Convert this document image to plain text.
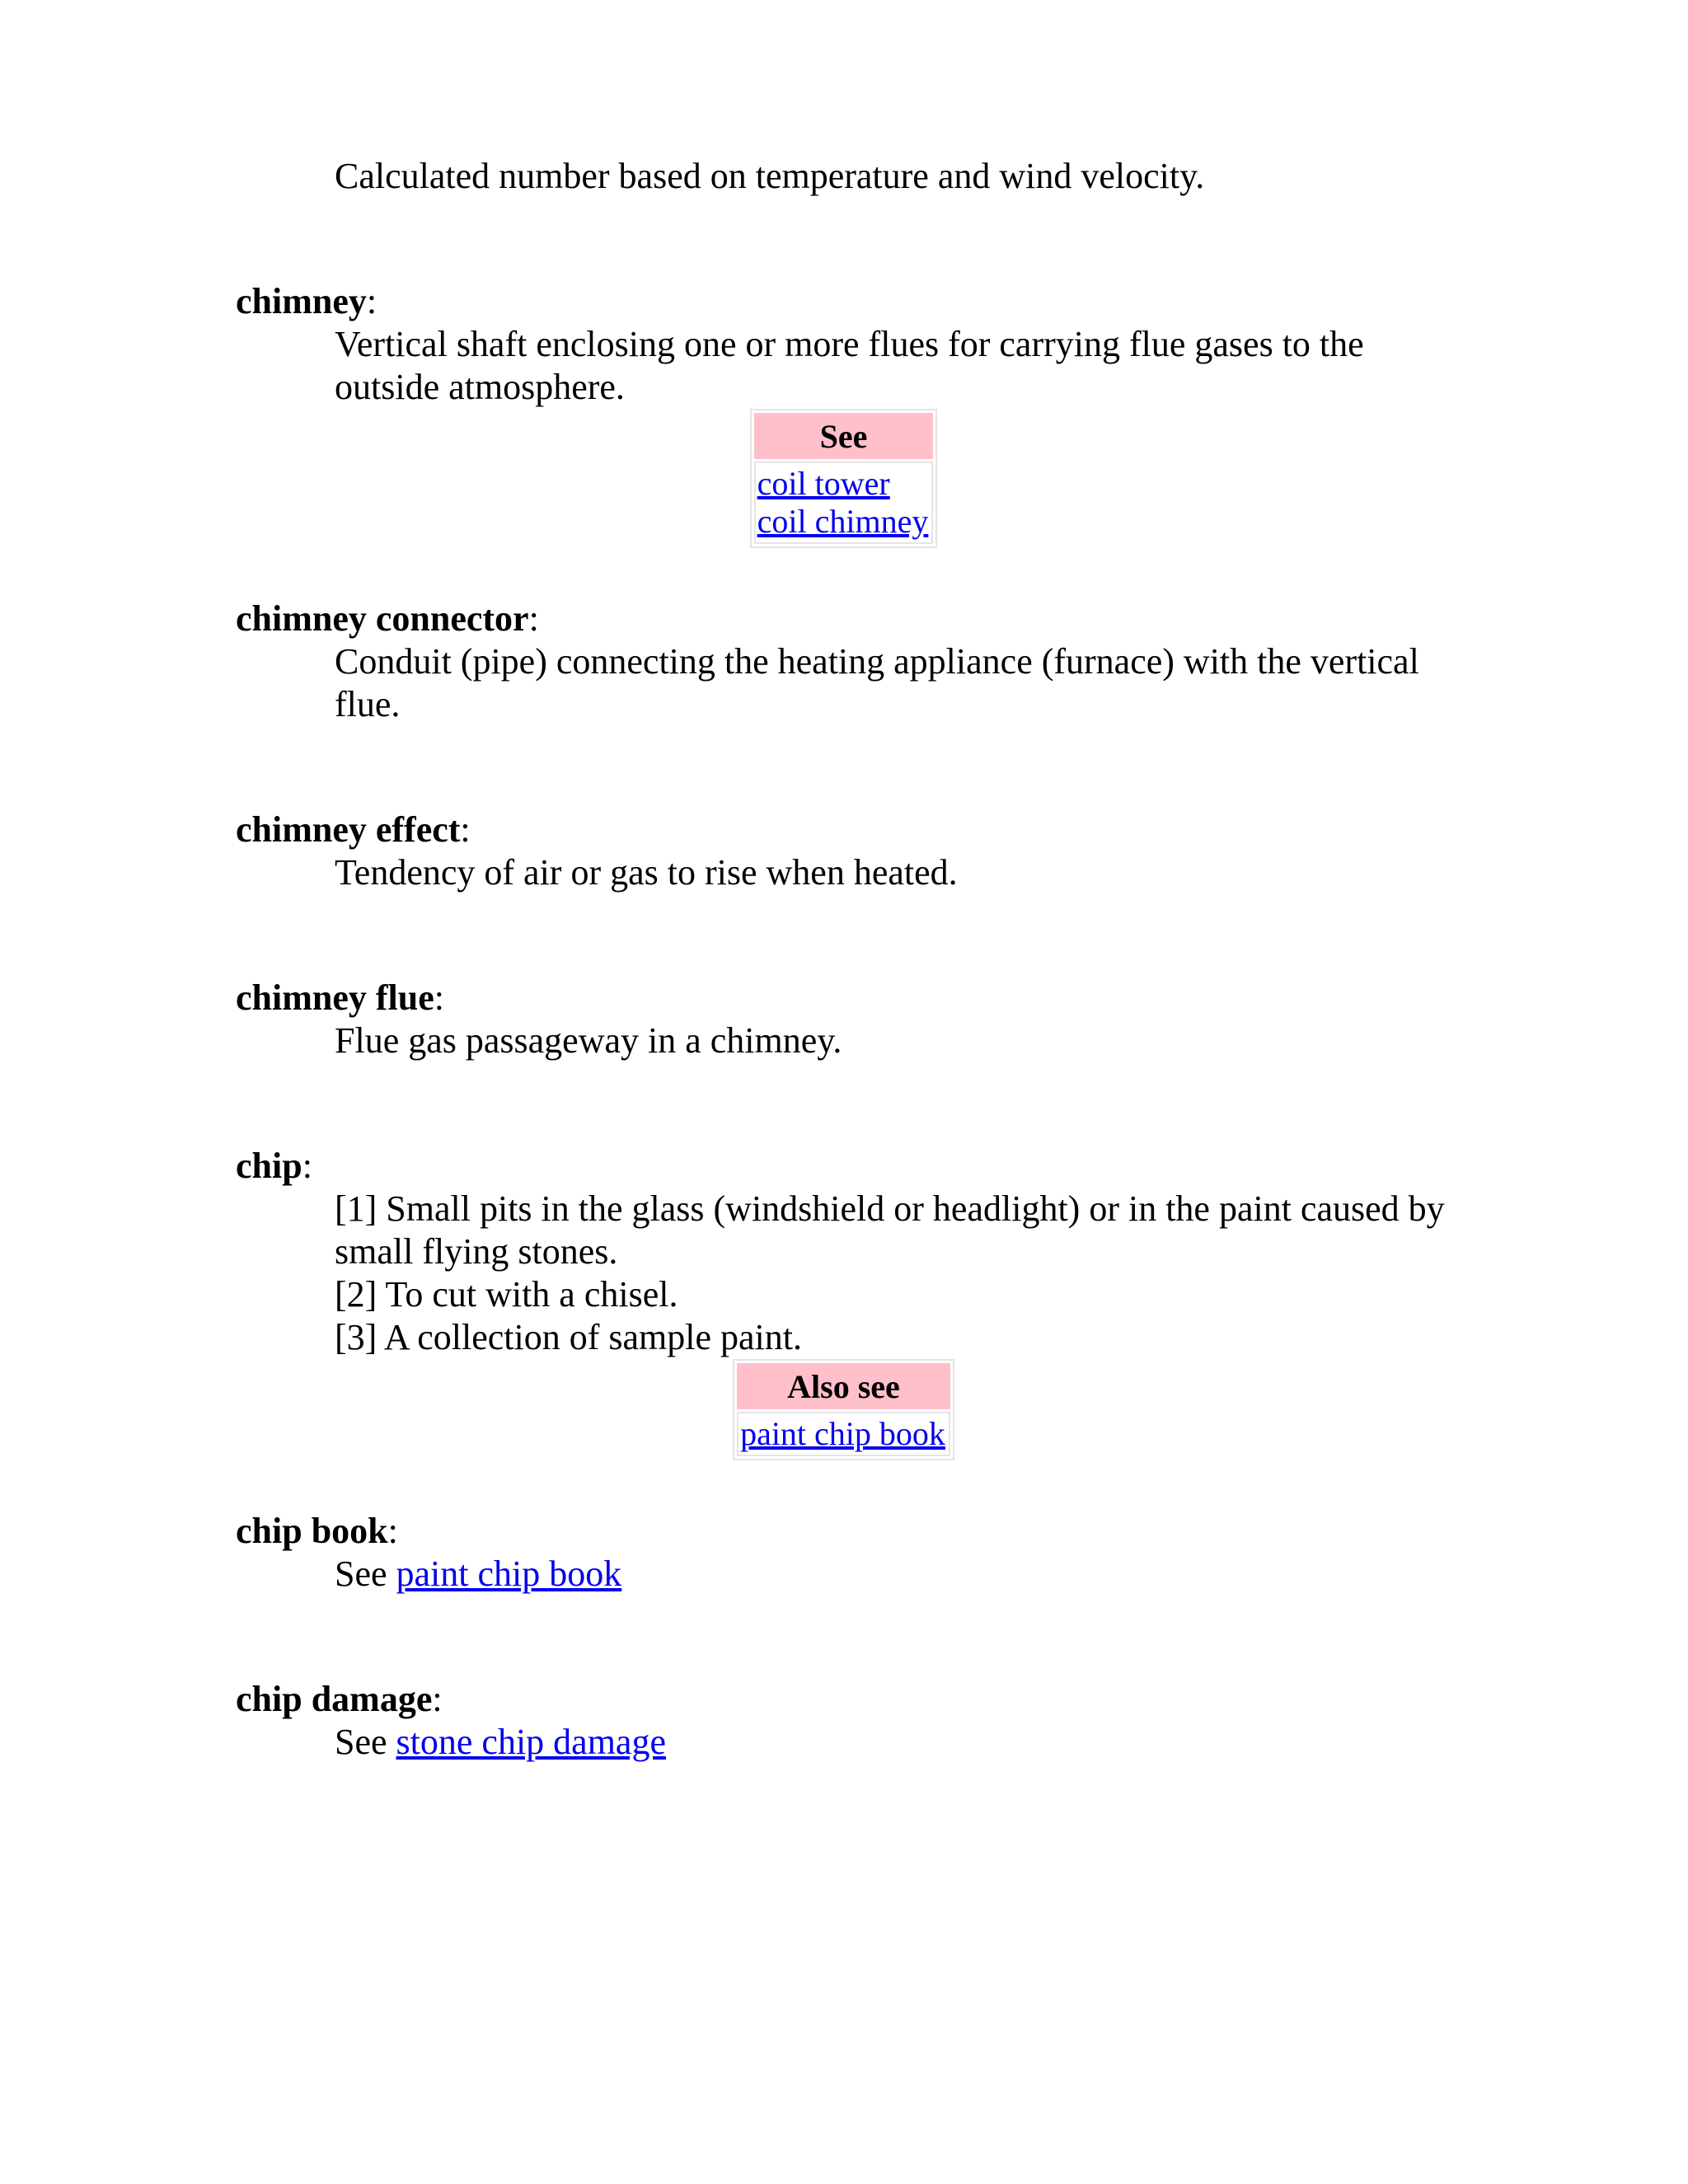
Calculated number based on temperature and wind velocity.
chimney:
Vertical shaft enclosing one or more flues for carrying flue gases to the outside atmosphere.
See

coil tower
coil chimney
chimney connector:
Conduit (pipe) connecting the heating appliance (furnace) with the vertical flue.
chimney effect:
Tendency of air or gas to rise when heated.
chimney flue:
Flue gas passageway in a chimney.
chip:
[1] Small pits in the glass (windshield or headlight) or in the paint caused by small flying stones.
[2] To cut with a chisel.
[3] A collection of sample paint.
Also see

paint chip book
chip book:
See paint chip book
chip damage:
See stone chip damage
